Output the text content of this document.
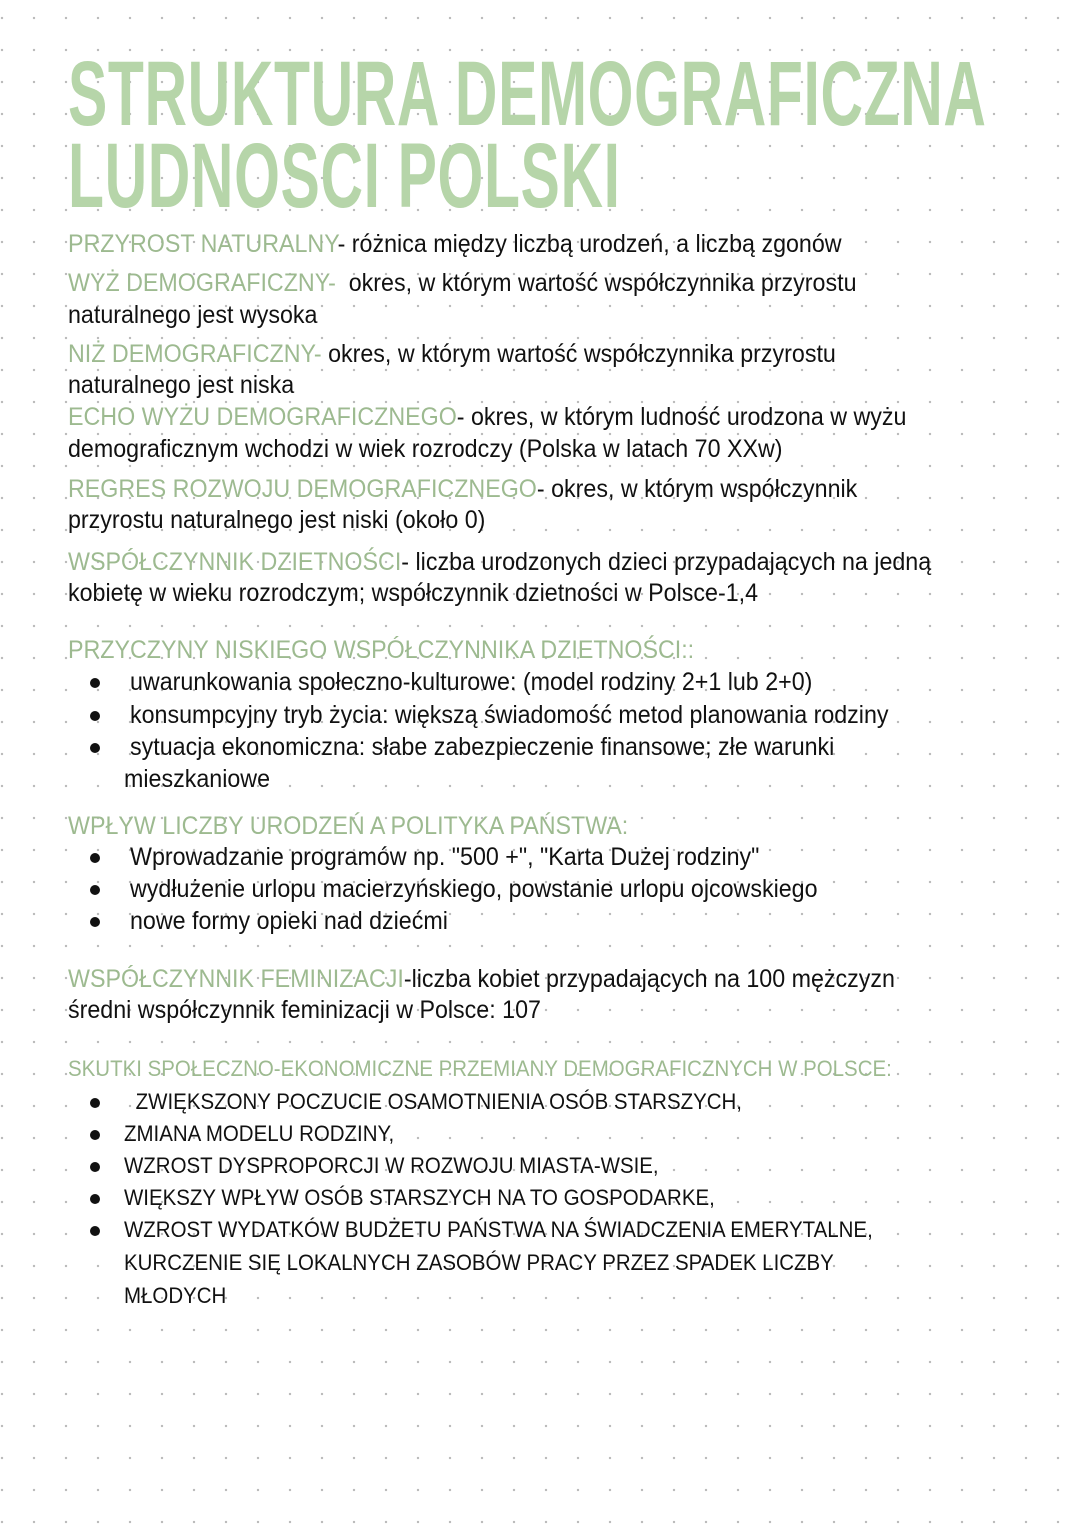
STRUKTURA DEMOGRAFICZNA
LUDNOSCI POLSKI
PRZYROST NATURALNY- różnica między liczbą urodzeń, a liczbą zgonów
WYŻ DEMOGRAFICZNY-  okres, w którym wartość współczynnika przyrostu
naturalnego jest wysoka
NIŻ DEMOGRAFICZNY- okres, w którym wartość współczynnika przyrostu
naturalnego jest niska
ECHO WYŻU DEMOGRAFICZNEGO- okres, w którym ludność urodzona w wyżu
demograficznym wchodzi w wiek rozrodczy (Polska w latach 70 XXw)
REGRES ROZWOJU DEMOGRAFICZNEGO- okres, w którym współczynnik
przyrostu naturalnego jest niski (około 0)
WSPÓŁCZYNNIK DZIETNOŚCI- liczba urodzonych dzieci przypadających na jedną
kobietę w wieku rozrodczym; współczynnik dzietności w Polsce-1,4
PRZYCZYNY NISKIEGO WSPÓŁCZYNNIKA DZIETNOŚCI::
uwarunkowania społeczno-kulturowe: (model rodziny 2+1 lub 2+0)
konsumpcyjny tryb życia: większą świadomość metod planowania rodziny
sytuacja ekonomiczna: słabe zabezpieczenie finansowe; złe warunki
mieszkaniowe
WPŁYW LICZBY URODZEŃ A POLITYKA PAŃSTWA:
Wprowadzanie programów np. "500 +", "Karta Dużej rodziny"
wydłużenie urlopu macierzyńskiego, powstanie urlopu ojcowskiego
nowe formy opieki nad dziećmi
WSPÓŁCZYNNIK FEMINIZACJI-liczba kobiet przypadających na 100 mężczyzn
średni współczynnik feminizacji w Polsce: 107
SKUTKI SPOŁECZNO-EKONOMICZNE PRZEMIANY DEMOGRAFICZNYCH W POLSCE:
ZWIĘKSZONY POCZUCIE OSAMOTNIENIA OSÓB STARSZYCH,
ZMIANA MODELU RODZINY,
WZROST DYSPROPORCJI W ROZWOJU MIASTA-WSIE,
WIĘKSZY WPŁYW OSÓB STARSZYCH NA TO GOSPODARKE,
WZROST WYDATKÓW BUDŻETU PAŃSTWA NA ŚWIADCZENIA EMERYTALNE,
KURCZENIE SIĘ LOKALNYCH ZASOBÓW PRACY PRZEZ SPADEK LICZBY
MŁODYCH
